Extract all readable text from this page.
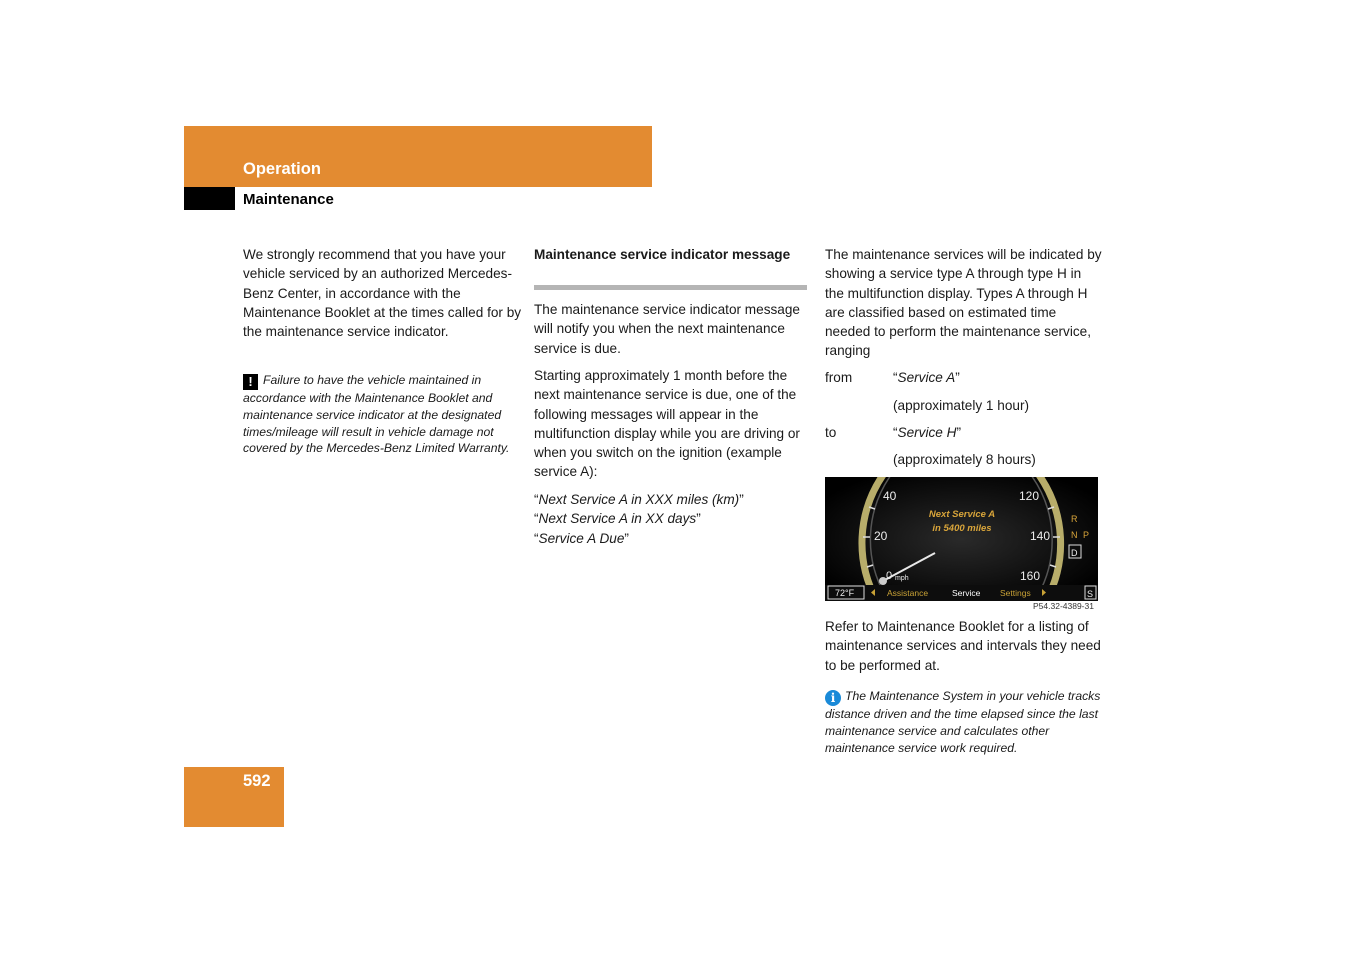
Operation
Maintenance
We strongly recommend that you have your vehicle serviced by an authorized Mercedes-Benz Center, in accordance with the Maintenance Booklet at the times called for by the maintenance service indicator.
! Failure to have the vehicle maintained in accordance with the Maintenance Booklet and maintenance service indicator at the designated times/mileage will result in vehicle damage not covered by the Mercedes-Benz Limited Warranty.
Maintenance service indicator message
The maintenance service indicator message will notify you when the next maintenance service is due.
Starting approximately 1 month before the next maintenance service is due, one of the following messages will appear in the multifunction display while you are driving or when you switch on the ignition (example service A):
“Next Service A in XXX miles (km)”
“Next Service A in XX days”
“Service A Due”
The maintenance services will be indicated by showing a service type A through type H in the multifunction display. Types A through H are classified based on estimated time needed to perform the maintenance service, ranging
from	“Service A”
(approximately 1 hour)
to	“Service H”
(approximately 8 hours)
40
20
0 mph
120
140
160
Next Service A
in 5400 miles
R
N P
D
72°F	Assistance	Service Settings	S
P54.32-4389-31
Refer to Maintenance Booklet for a listing of maintenance services and intervals they need to be performed at.
i The Maintenance System in your vehicle tracks distance driven and the time elapsed since the last maintenance service and calculates other maintenance service work required.
592
